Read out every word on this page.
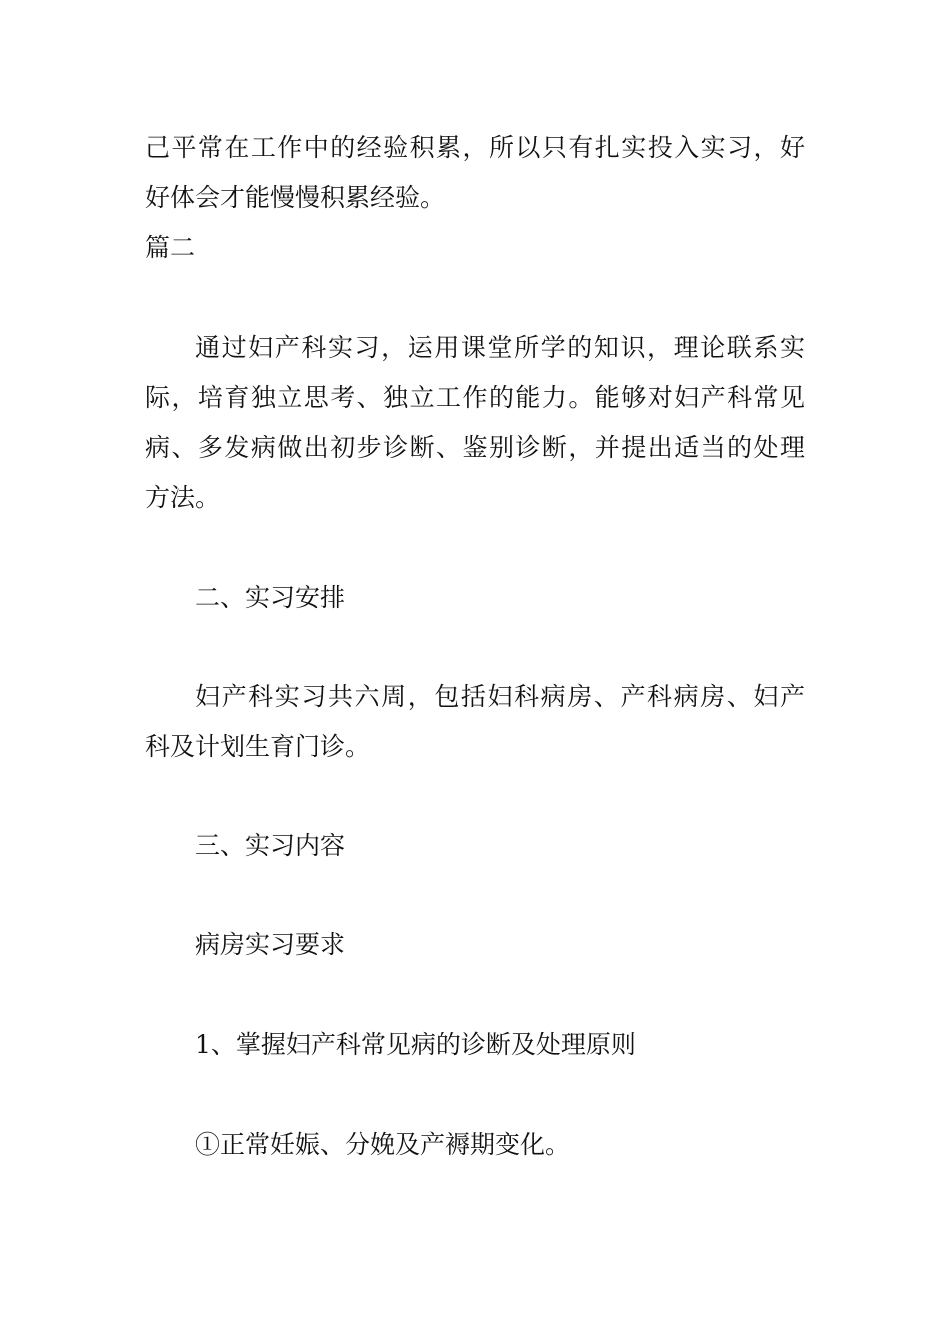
己平常在工作中的经验积累，所以只有扎实投入实习，好
好体会才能慢慢积累经验。
篇二
通过妇产科实习，运用课堂所学的知识，理论联系实
际，培育独立思考、独立工作的能力。能够对妇产科常见
病、多发病做出初步诊断、鉴别诊断，并提出适当的处理
方法。
二、实习安排
妇产科实习共六周，包括妇科病房、产科病房、妇产
科及计划生育门诊。
三、实习内容
病房实习要求
1、掌握妇产科常见病的诊断及处理原则
①正常妊娠、分娩及产褥期变化。
